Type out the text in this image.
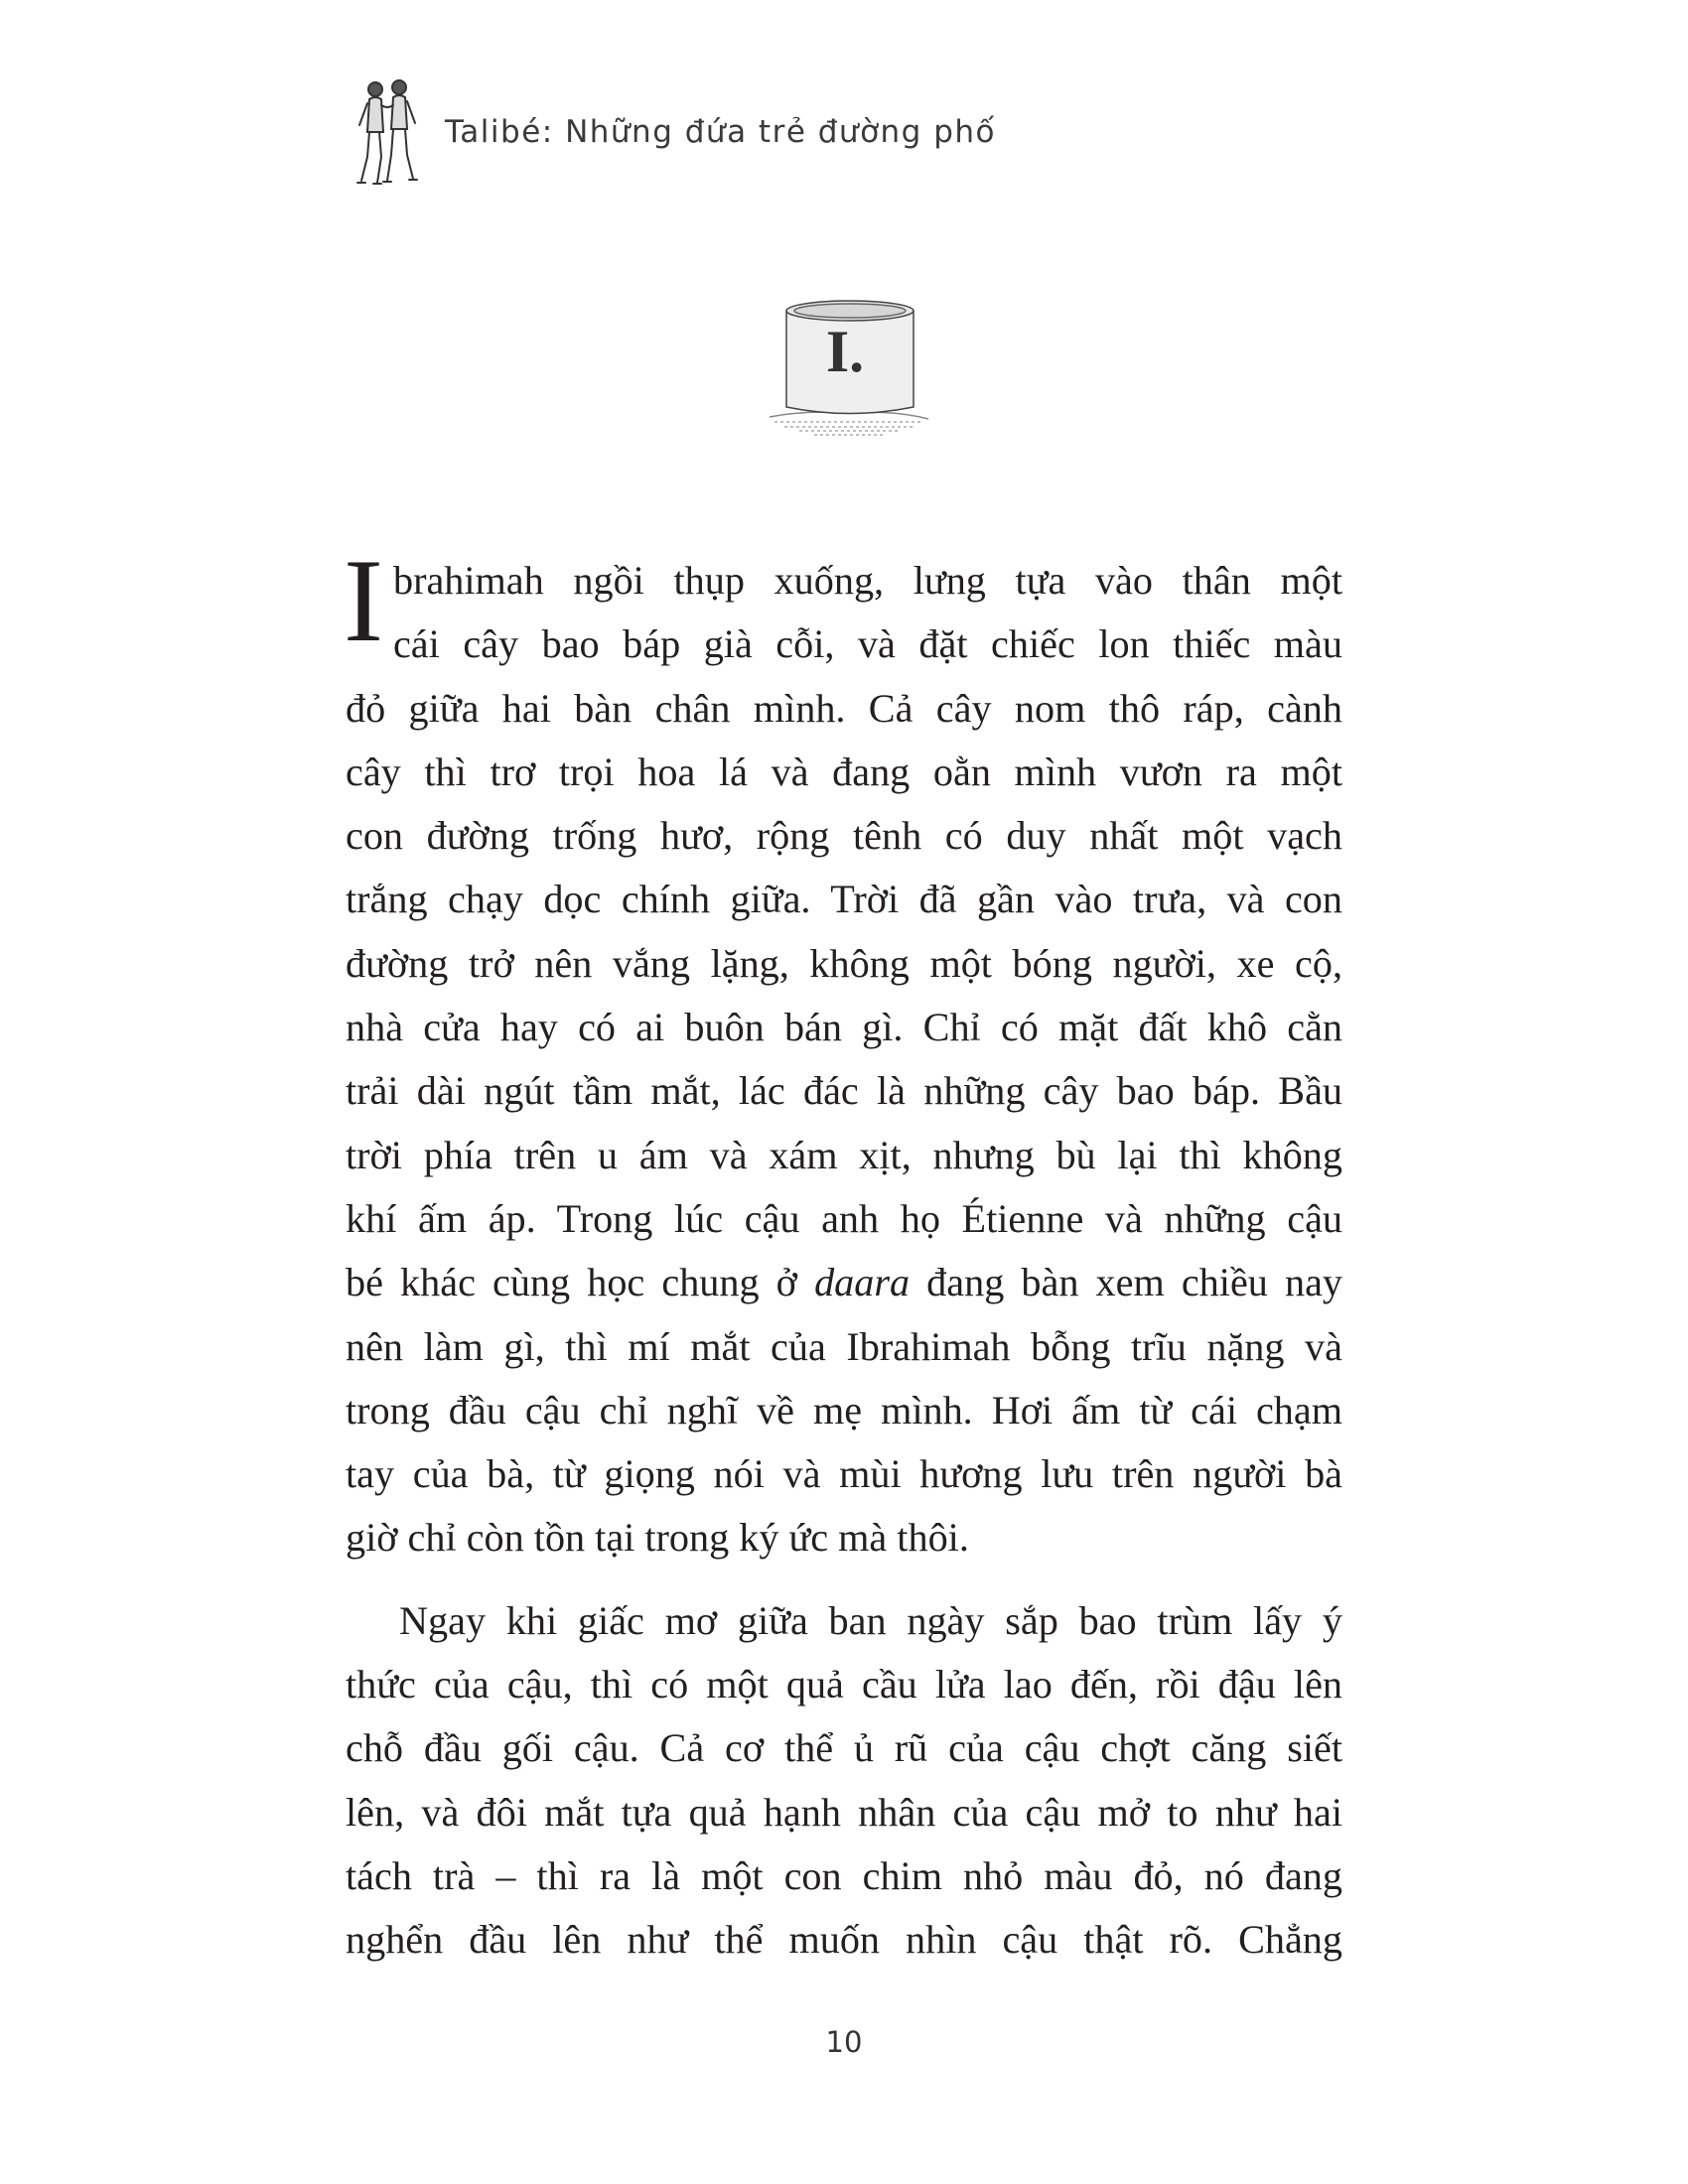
Talibé: Những đứa trẻ đường phố
I.
I brahimah ngồi thụp xuống, lưng tựa vào thân một
cái cây bao báp già cỗi, và đặt chiếc lon thiếc màu
đỏ giữa hai bàn chân mình. Cả cây nom thô ráp, cành
cây thì trơ trọi hoa lá và đang oằn mình vươn ra một
con đường trống hươ, rộng tênh có duy nhất một vạch
trắng chạy dọc chính giữa. Trời đã gần vào trưa, và con
đường trở nên vắng lặng, không một bóng người, xe cộ,
nhà cửa hay có ai buôn bán gì. Chỉ có mặt đất khô cằn
trải dài ngút tầm mắt, lác đác là những cây bao báp. Bầu
trời phía trên u ám và xám xịt, nhưng bù lại thì không
khí ấm áp. Trong lúc cậu anh họ Étienne và những cậu
bé khác cùng học chung ở daara đang bàn xem chiều nay
nên làm gì, thì mí mắt của Ibrahimah bỗng trĩu nặng và
trong đầu cậu chỉ nghĩ về mẹ mình. Hơi ấm từ cái chạm
tay của bà, từ giọng nói và mùi hương lưu trên người bà
giờ chỉ còn tồn tại trong ký ức mà thôi.
Ngay khi giấc mơ giữa ban ngày sắp bao trùm lấy ý
thức của cậu, thì có một quả cầu lửa lao đến, rồi đậu lên
chỗ đầu gối cậu. Cả cơ thể ủ rũ của cậu chợt căng siết
lên, và đôi mắt tựa quả hạnh nhân của cậu mở to như hai
tách trà – thì ra là một con chim nhỏ màu đỏ, nó đang
nghển đầu lên như thể muốn nhìn cậu thật rõ. Chẳng
10
